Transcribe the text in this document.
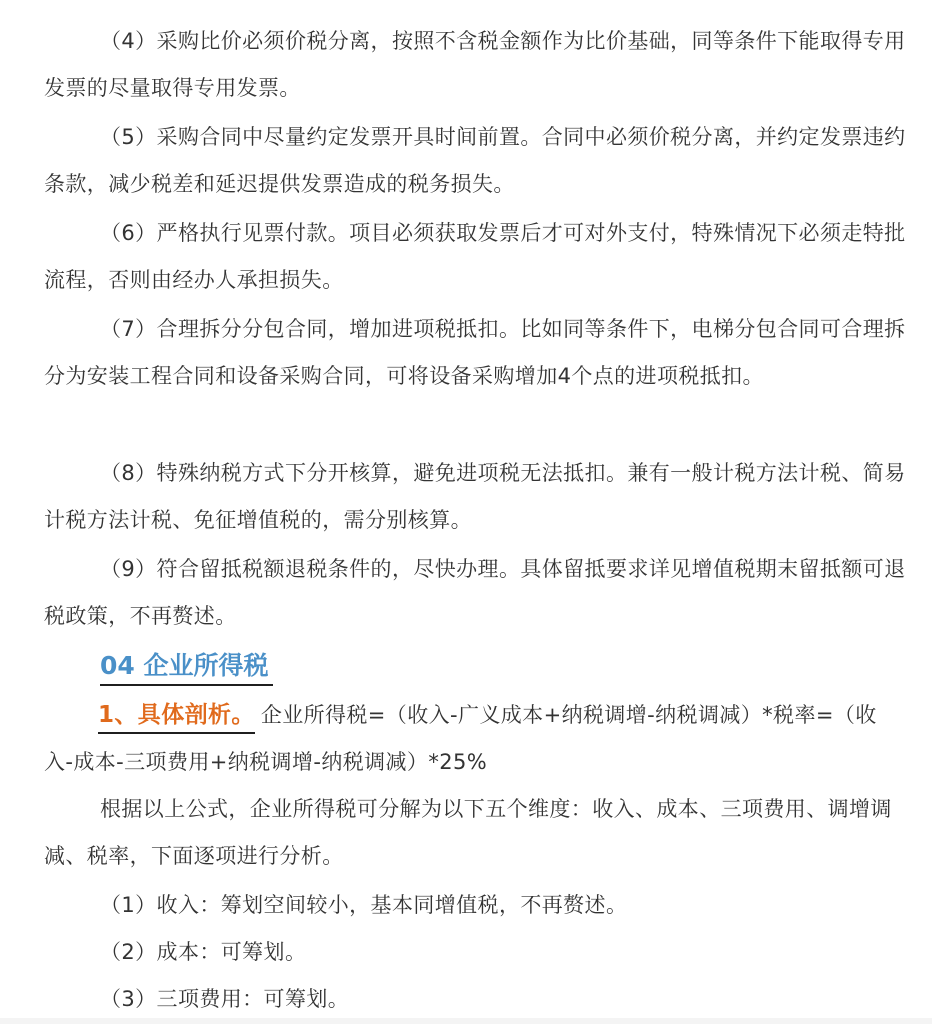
（4）采购比价必须价税分离，按照不含税金额作为比价基础，同等条件下能取得专用发票的尽量取得专用发票。

（5）采购合同中尽量约定发票开具时间前置。合同中必须价税分离，并约定发票违约条款，减少税差和延迟提供发票造成的税务损失。

（6）严格执行见票付款。项目必须获取发票后才可对外支付，特殊情况下必须走特批流程，否则由经办人承担损失。

（7）合理拆分分包合同，增加进项税抵扣。比如同等条件下，电梯分包合同可合理拆分为安装工程合同和设备采购合同，可将设备采购增加4个点的进项税抵扣。

（8）特殊纳税方式下分开核算，避免进项税无法抵扣。兼有一般计税方法计税、简易计税方法计税、免征增值税的，需分别核算。

（9）符合留抵税额退税条件的，尽快办理。具体留抵要求详见增值税期末留抵额可退税政策，不再赘述。

04 企业所得税

1、具体剖析。 企业所得税=（收入-广义成本+纳税调增-纳税调减）*税率=（收入-成本-三项费用+纳税调增-纳税调减）*25%

根据以上公式，企业所得税可分解为以下五个维度：收入、成本、三项费用、调增调减、税率，下面逐项进行分析。

（1）收入：筹划空间较小，基本同增值税，不再赘述。

（2）成本：可筹划。

（3）三项费用：可筹划。
